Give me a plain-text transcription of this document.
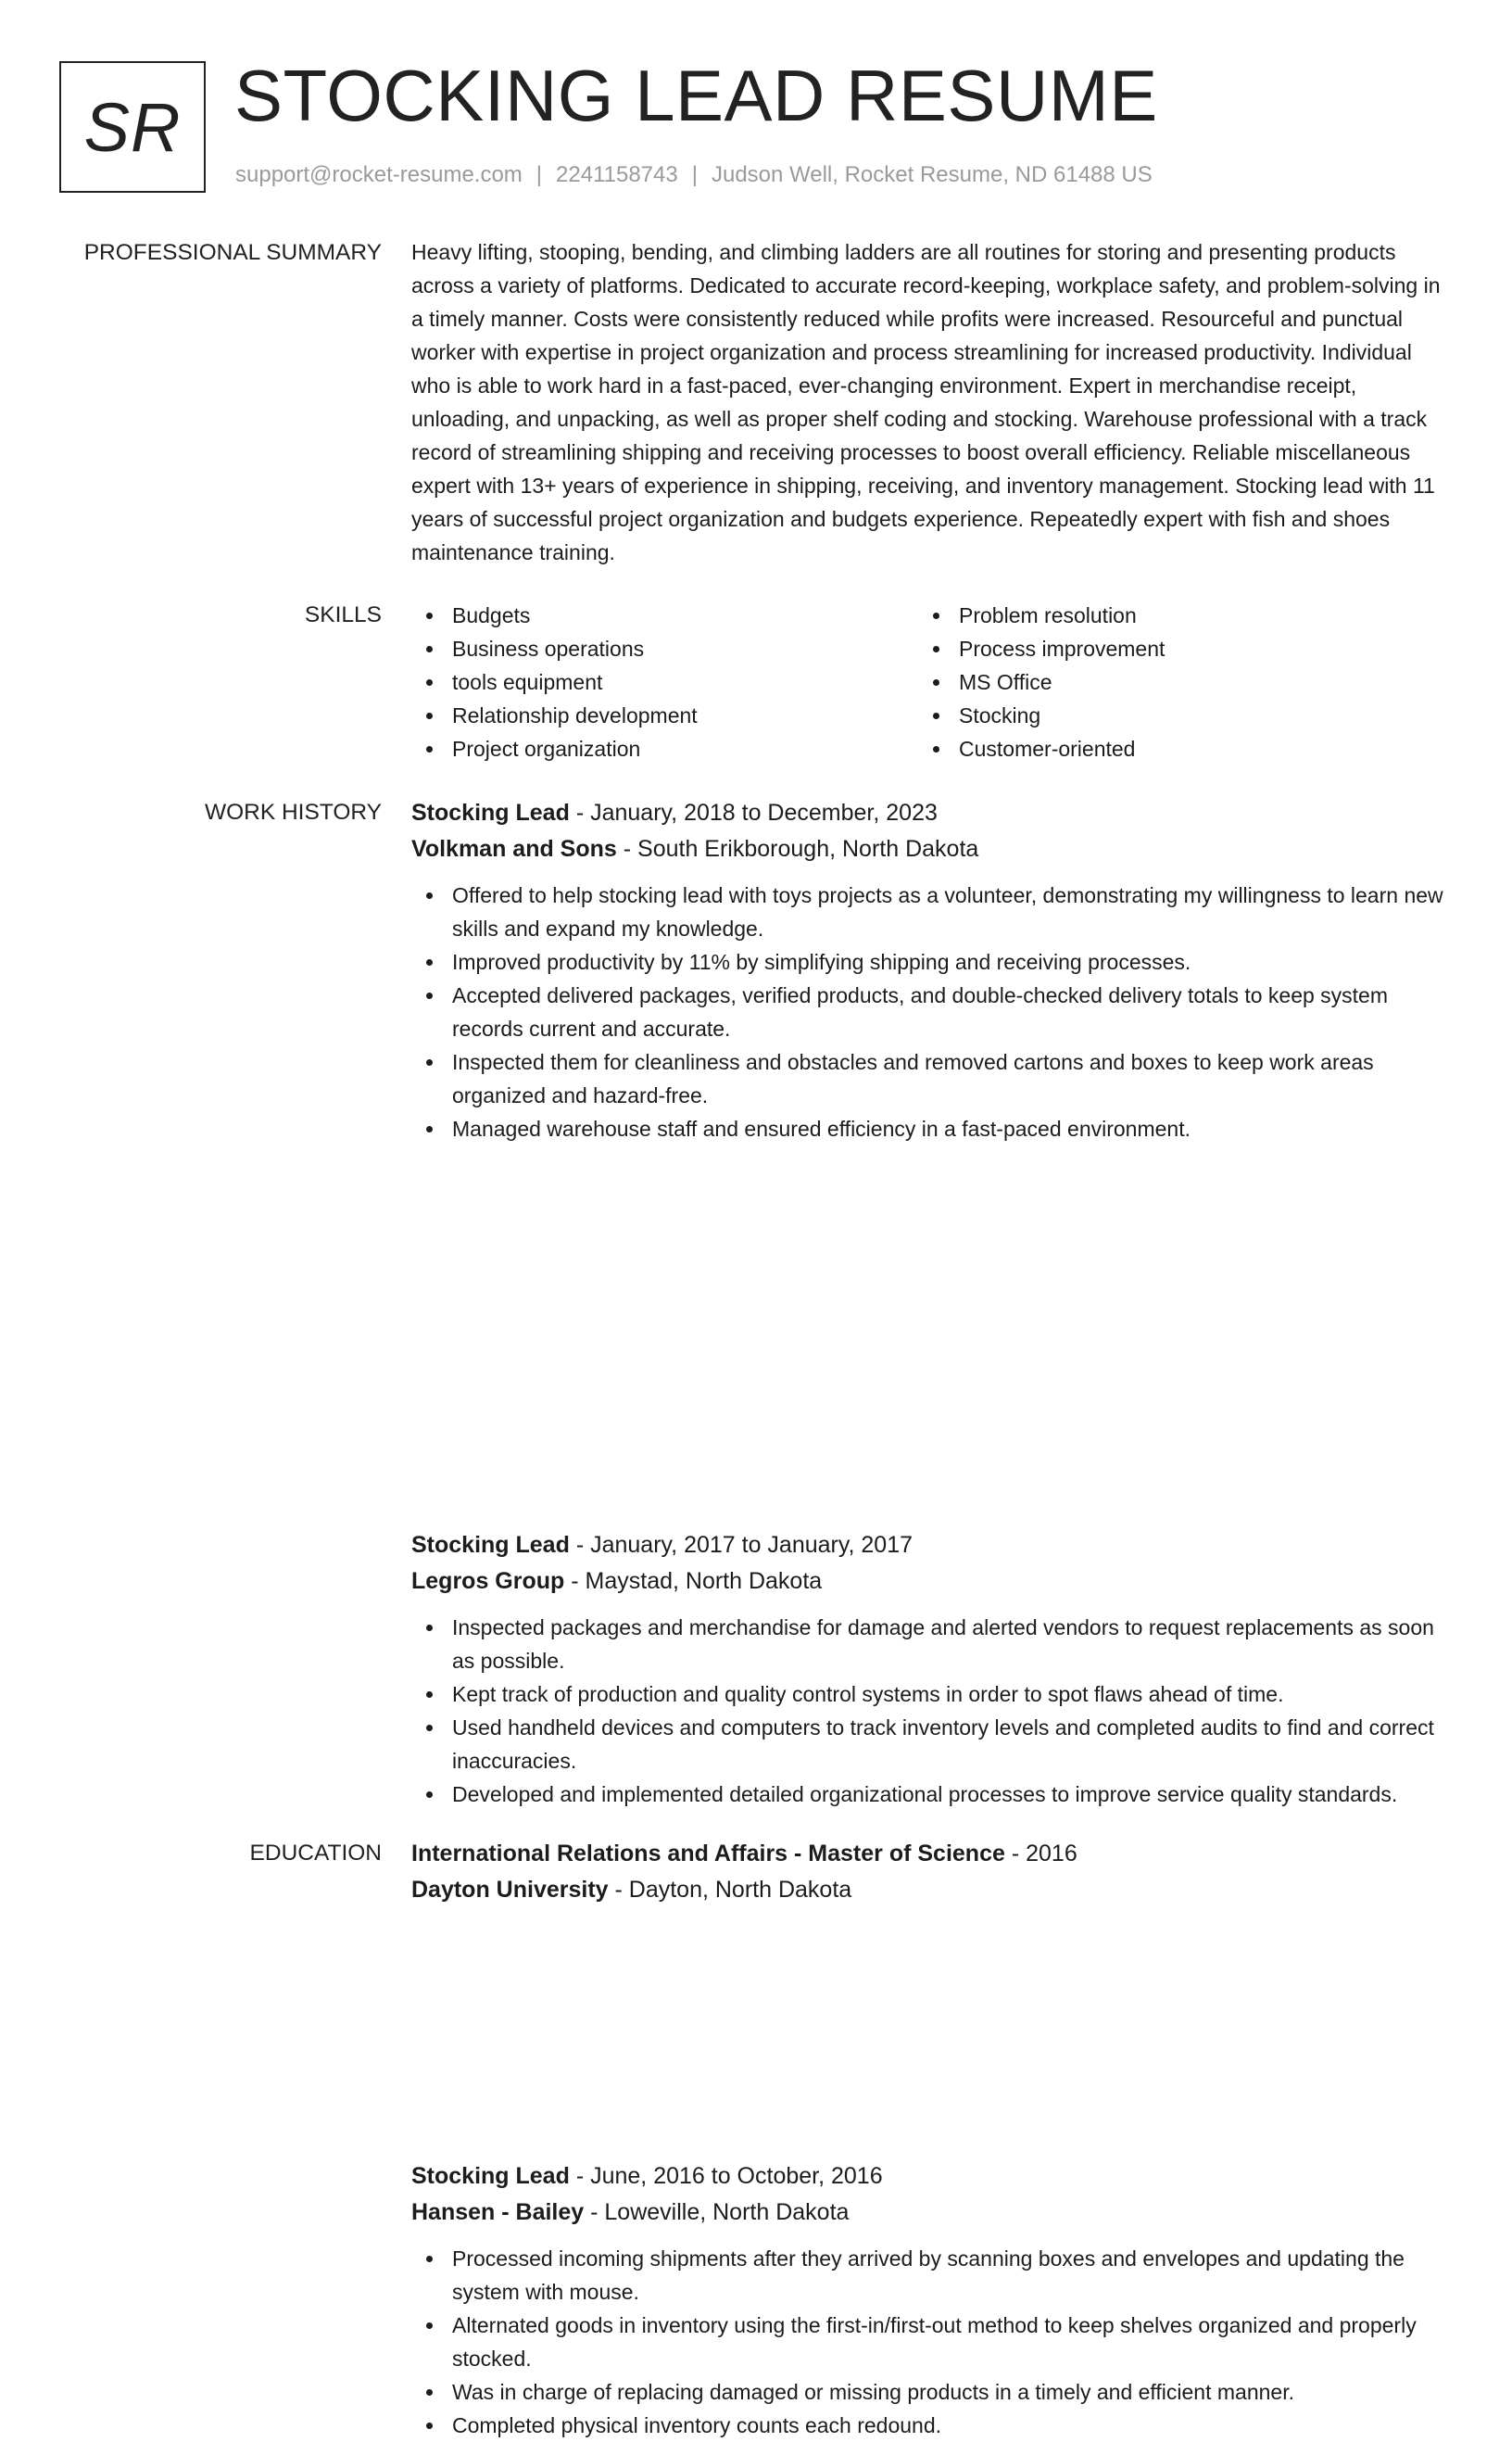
SR STOCKING LEAD RESUME
support@rocket-resume.com | 2241158743 | Judson Well, Rocket Resume, ND 61488 US
PROFESSIONAL SUMMARY Heavy lifting, stooping, bending, and climbing ladders are all routines for storing and presenting products across a variety of platforms. Dedicated to accurate record-keeping, workplace safety, and problem-solving in a timely manner. Costs were consistently reduced while profits were increased. Resourceful and punctual worker with expertise in project organization and process streamlining for increased productivity. Individual who is able to work hard in a fast-paced, ever-changing environment. Expert in merchandise receipt, unloading, and unpacking, as well as proper shelf coding and stocking. Warehouse professional with a track record of streamlining shipping and receiving processes to boost overall efficiency. Reliable miscellaneous expert with 13+ years of experience in shipping, receiving, and inventory management. Stocking lead with 11 years of successful project organization and budgets experience. Repeatedly expert with fish and shoes maintenance training.

SKILLS	Budgets
Business operations
tools equipment
Relationship development
Project organization
Problem resolution
Process improvement
MS Office
Stocking
Customer-oriented
WORK HISTORY Stocking Lead - January, 2018 to December, 2023
Volkman and Sons - South Erikborough, North Dakota
Offered to help stocking lead with toys projects as a volunteer, demonstrating my willingness to learn new skills and expand my knowledge.
Improved productivity by 11% by simplifying shipping and receiving processes.
Accepted delivered packages, verified products, and double-checked delivery totals to keep system records current and accurate.
Inspected them for cleanliness and obstacles and removed cartons and boxes to keep work areas organized and hazard-free.
Managed warehouse staff and ensured efficiency in a fast-paced environment.
Stocking Lead - January, 2017 to January, 2017
Legros Group - Maystad, North Dakota
Inspected packages and merchandise for damage and alerted vendors to request replacements as soon as possible.
Kept track of production and quality control systems in order to spot flaws ahead of time.
Used handheld devices and computers to track inventory levels and completed audits to find and correct inaccuracies.
Developed and implemented detailed organizational processes to improve service quality standards.
Stocking Lead - June, 2016 to October, 2016
Hansen - Bailey - Loweville, North Dakota
Processed incoming shipments after they arrived by scanning boxes and envelopes and updating the system with mouse.
Alternated goods in inventory using the first-in/first-out method to keep shelves organized and properly stocked.
Was in charge of replacing damaged or missing products in a timely and efficient manner.
Completed physical inventory counts each redound.
EDUCATION International Relations and Affairs - Master of Science - 2016
Dayton University - Dayton, North Dakota
